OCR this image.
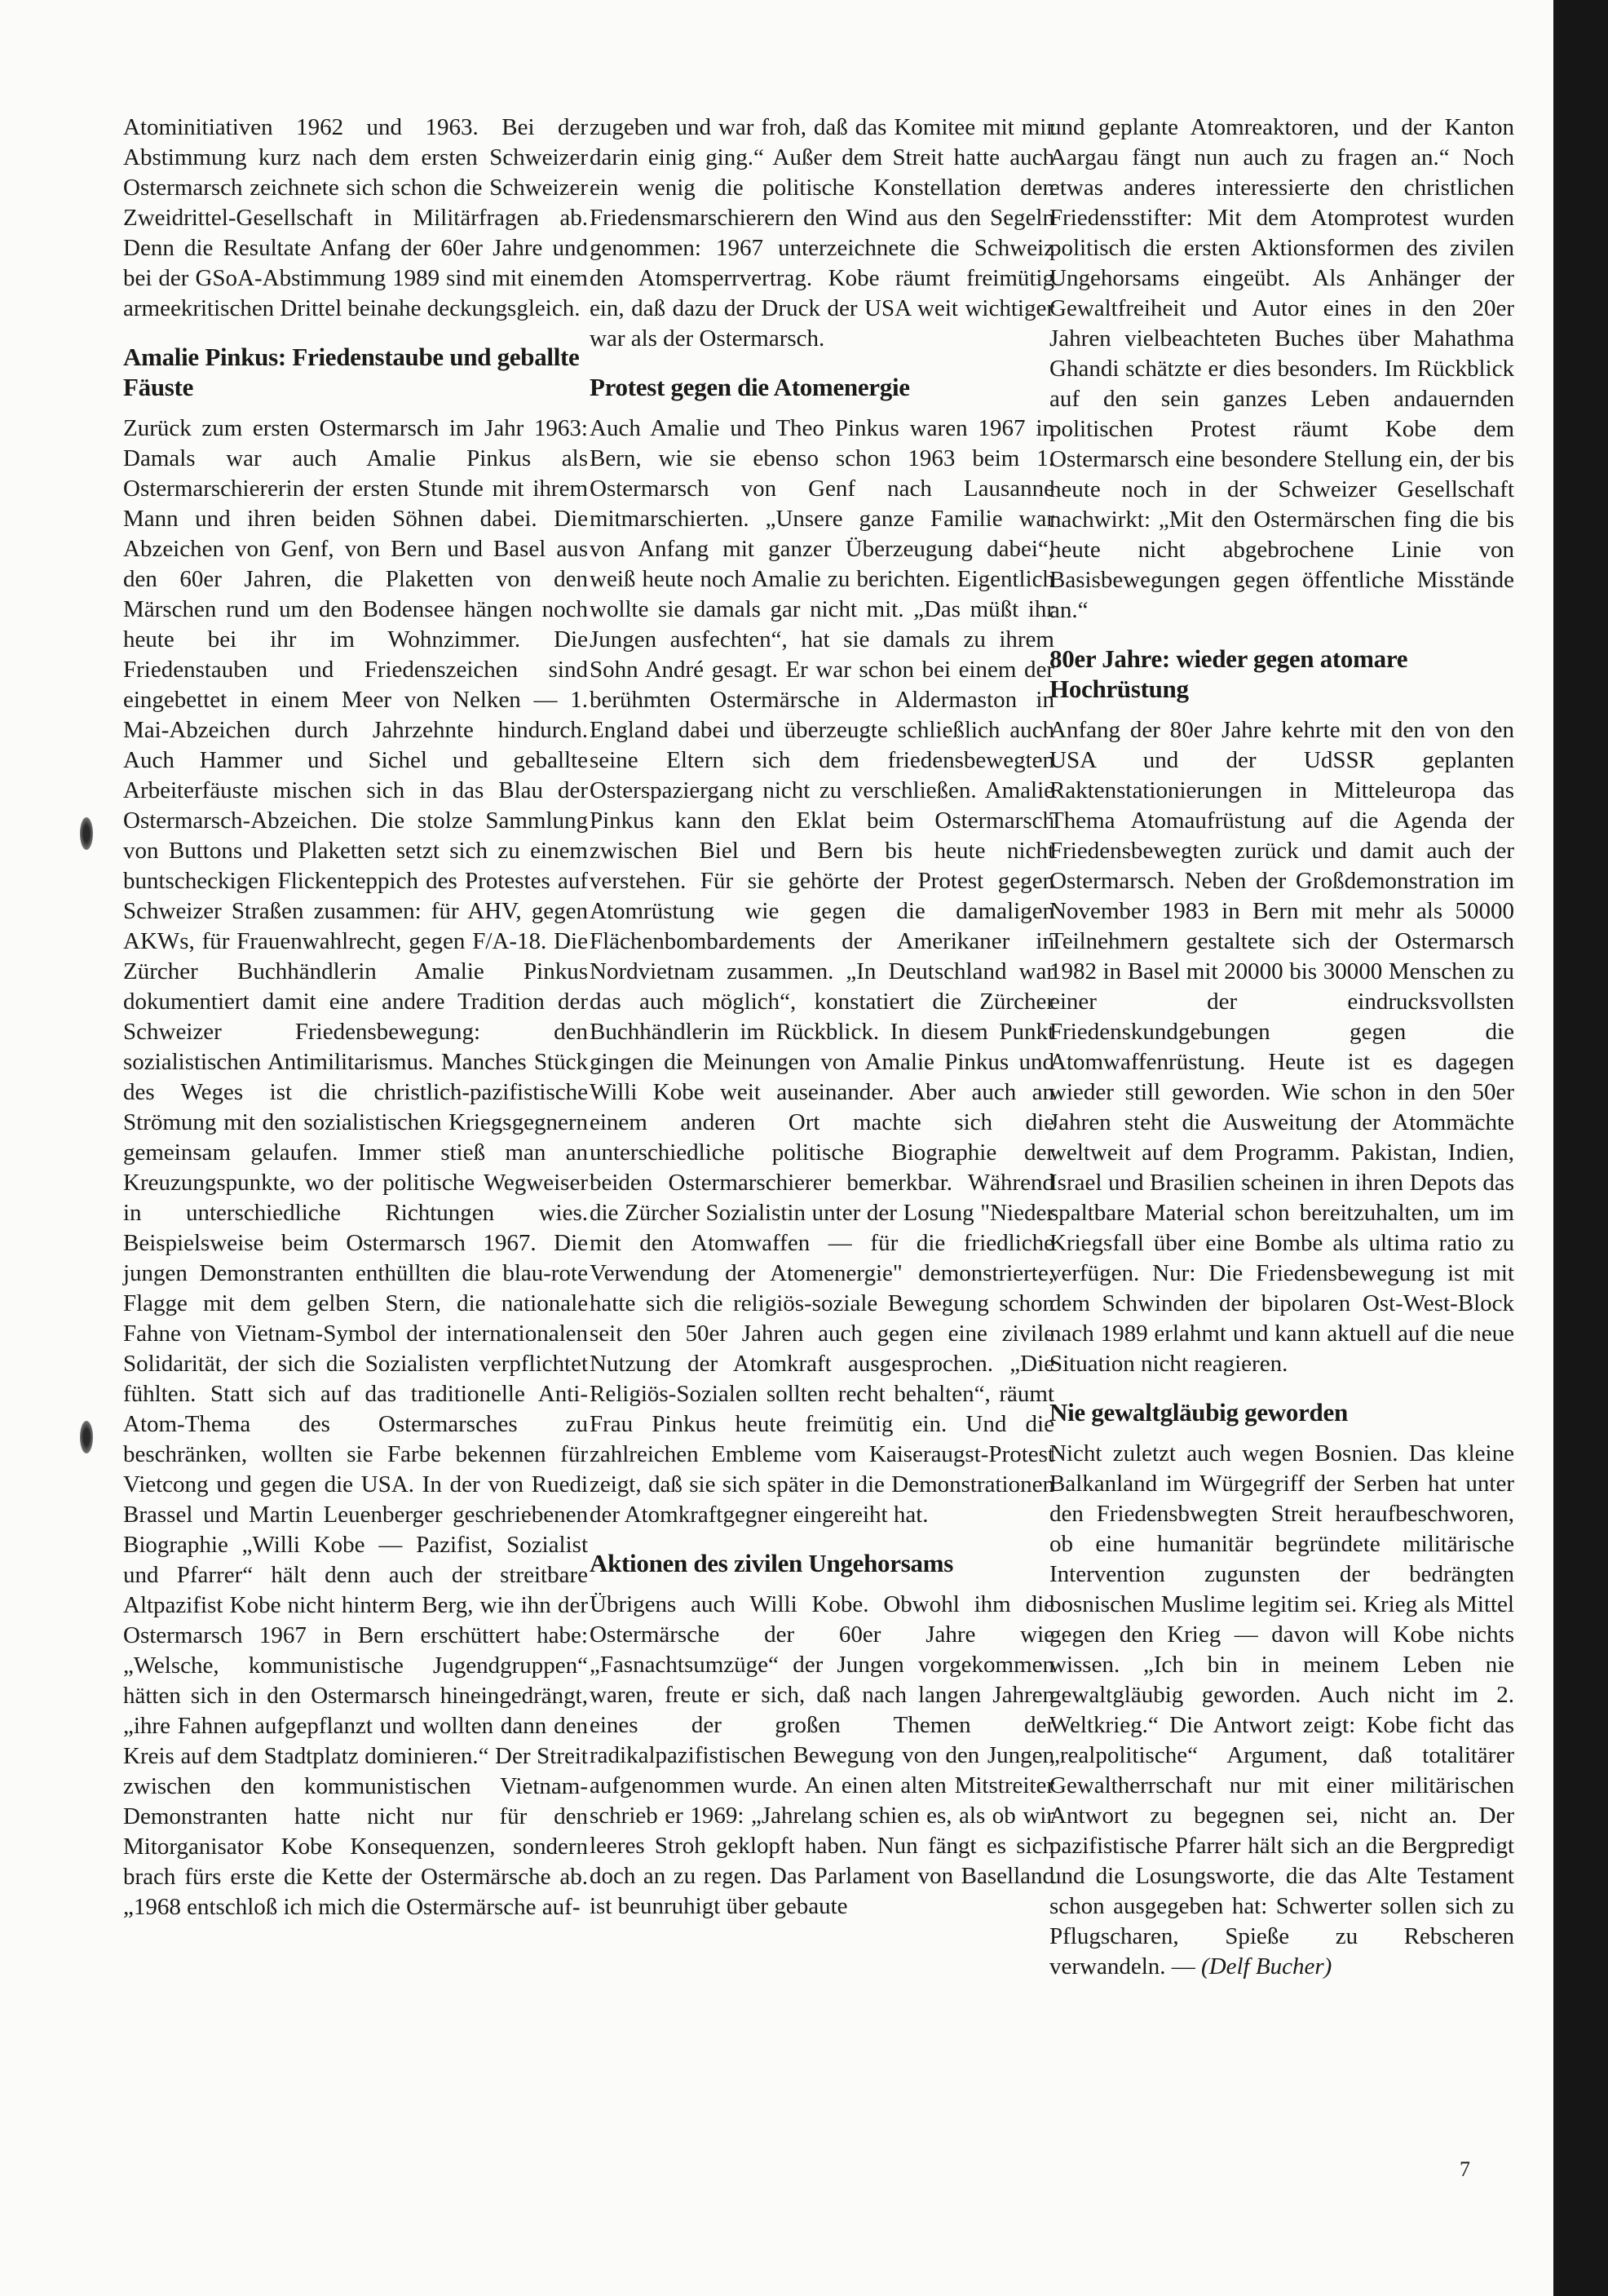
Atominitiativen 1962 und 1963. Bei der Abstimmung kurz nach dem ersten Schweizer Ostermarsch zeichnete sich schon die Schweizer Zweidrittel-Gesellschaft in Militärfragen ab. Denn die Resultate Anfang der 60er Jahre und bei der GSoA-Abstimmung 1989 sind mit einem armeekritischen Drittel beinahe deckungsgleich.

Amalie Pinkus: Friedenstaube und geballte Fäuste

Zurück zum ersten Ostermarsch im Jahr 1963: Damals war auch Amalie Pinkus als Ostermarschiererin der ersten Stunde mit ihrem Mann und ihren beiden Söhnen dabei. Die Abzeichen von Genf, von Bern und Basel aus den 60er Jahren, die Plaketten von den Märschen rund um den Bodensee hängen noch heute bei ihr im Wohnzimmer. Die Friedenstauben und Friedenszeichen sind eingebettet in einem Meer von Nelken — 1. Mai-Abzeichen durch Jahrzehnte hindurch. Auch Hammer und Sichel und geballte Arbeiterfäuste mischen sich in das Blau der Ostermarsch-Abzeichen. Die stolze Sammlung von Buttons und Plaketten setzt sich zu einem buntscheckigen Flickenteppich des Protestes auf Schweizer Straßen zusammen: für AHV, gegen AKWs, für Frauenwahlrecht, gegen F/A-18. Die Zürcher Buchhändlerin Amalie Pinkus dokumentiert damit eine andere Tradition der Schweizer Friedensbewegung: den sozialistischen Antimilitarismus. Manches Stück des Weges ist die christlich-pazifistische Strömung mit den sozialistischen Kriegsgegnern gemeinsam gelaufen. Immer stieß man an Kreuzungspunkte, wo der politische Wegweiser in unterschiedliche Richtungen wies. Beispielsweise beim Ostermarsch 1967. Die jungen Demonstranten enthüllten die blau-rote Flagge mit dem gelben Stern, die nationale Fahne von Vietnam-Symbol der internationalen Solidarität, der sich die Sozialisten verpflichtet fühlten. Statt sich auf das traditionelle Anti-Atom-Thema des Ostermarsches zu beschränken, wollten sie Farbe bekennen für Vietcong und gegen die USA. In der von Ruedi Brassel und Martin Leuenberger geschriebenen Biographie „Willi Kobe — Pazifist, Sozialist und Pfarrer“ hält denn auch der streitbare Altpazifist Kobe nicht hinterm Berg, wie ihn der Ostermarsch 1967 in Bern erschüttert habe: „Welsche, kommunistische Jugendgruppen“ hätten sich in den Ostermarsch hineingedrängt, „ihre Fahnen aufgepflanzt und wollten dann den Kreis auf dem Stadtplatz dominieren.“ Der Streit zwischen den kommunistischen Vietnam-Demonstranten hatte nicht nur für den Mitorganisator Kobe Konsequenzen, sondern brach fürs erste die Kette der Ostermärsche ab. „1968 entschloß ich mich die Ostermärsche auf-

zugeben und war froh, daß das Komitee mit mir darin einig ging.“ Außer dem Streit hatte auch ein wenig die politische Konstellation den Friedensmarschierern den Wind aus den Segeln genommen: 1967 unterzeichnete die Schweiz den Atomsperrvertrag. Kobe räumt freimütig ein, daß dazu der Druck der USA weit wichtiger war als der Ostermarsch.

Protest gegen die Atomenergie

Auch Amalie und Theo Pinkus waren 1967 in Bern, wie sie ebenso schon 1963 beim 1. Ostermarsch von Genf nach Lausanne mitmarschierten. „Unsere ganze Familie war von Anfang mit ganzer Überzeugung dabei“, weiß heute noch Amalie zu berichten. Eigentlich wollte sie damals gar nicht mit. „Das müßt ihr Jungen ausfechten“, hat sie damals zu ihrem Sohn André gesagt. Er war schon bei einem der berühmten Ostermärsche in Aldermaston in England dabei und überzeugte schließlich auch seine Eltern sich dem friedensbewegten Osterspaziergang nicht zu verschließen. Amalie Pinkus kann den Eklat beim Ostermarsch zwischen Biel und Bern bis heute nicht verstehen. Für sie gehörte der Protest gegen Atomrüstung wie gegen die damaligen Flächenbombardements der Amerikaner in Nordvietnam zusammen. „In Deutschland war das auch möglich“, konstatiert die Zürcher Buchhändlerin im Rückblick. In diesem Punkt gingen die Meinungen von Amalie Pinkus und Willi Kobe weit auseinander. Aber auch an einem anderen Ort machte sich die unterschiedliche politische Biographie der beiden Ostermarschierer bemerkbar. Während die Zürcher Sozialistin unter der Losung "Nieder mit den Atomwaffen — für die friedliche Verwendung der Atomenergie" demonstrierte, hatte sich die religiös-soziale Bewegung schon seit den 50er Jahren auch gegen eine zivile Nutzung der Atomkraft ausgesprochen. „Die Religiös-Sozialen sollten recht behalten“, räumt Frau Pinkus heute freimütig ein. Und die zahlreichen Embleme vom Kaiseraugst-Protest zeigt, daß sie sich später in die Demonstrationen der Atomkraftgegner eingereiht hat.

Aktionen des zivilen Ungehorsams

Übrigens auch Willi Kobe. Obwohl ihm die Ostermärsche der 60er Jahre wie „Fasnachtsumzüge“ der Jungen vorgekommen waren, freute er sich, daß nach langen Jahren eines der großen Themen der radikalpazifistischen Bewegung von den Jungen aufgenommen wurde. An einen alten Mitstreiter schrieb er 1969: „Jahrelang schien es, als ob wir leeres Stroh geklopft haben. Nun fängt es sich doch an zu regen. Das Parlament von Baselland ist beunruhigt über gebaute

und geplante Atomreaktoren, und der Kanton Aargau fängt nun auch zu fragen an.“ Noch etwas anderes interessierte den christlichen Friedensstifter: Mit dem Atomprotest wurden politisch die ersten Aktionsformen des zivilen Ungehorsams eingeübt. Als Anhänger der Gewaltfreiheit und Autor eines in den 20er Jahren vielbeachteten Buches über Mahathma Ghandi schätzte er dies besonders. Im Rückblick auf den sein ganzes Leben andauernden politischen Protest räumt Kobe dem Ostermarsch eine besondere Stellung ein, der bis heute noch in der Schweizer Gesellschaft nachwirkt: „Mit den Ostermärschen fing die bis heute nicht abgebrochene Linie von Basisbewegungen gegen öffentliche Misstände an.“

80er Jahre: wieder gegen atomare Hochrüstung

Anfang der 80er Jahre kehrte mit den von den USA und der UdSSR geplanten Raktenstationierungen in Mitteleuropa das Thema Atomaufrüstung auf die Agenda der Friedensbewegten zurück und damit auch der Ostermarsch. Neben der Großdemonstration im November 1983 in Bern mit mehr als 50000 Teilnehmern gestaltete sich der Ostermarsch 1982 in Basel mit 20000 bis 30000 Menschen zu einer der eindrucksvollsten Friedenskundgebungen gegen die Atomwaffenrüstung. Heute ist es dagegen wieder still geworden. Wie schon in den 50er Jahren steht die Ausweitung der Atommächte weltweit auf dem Programm. Pakistan, Indien, Israel und Brasilien scheinen in ihren Depots das spaltbare Material schon bereitzuhalten, um im Kriegsfall über eine Bombe als ultima ratio zu verfügen. Nur: Die Friedensbewegung ist mit dem Schwinden der bipolaren Ost-West-Block nach 1989 erlahmt und kann aktuell auf die neue Situation nicht reagieren.

Nie gewaltgläubig geworden

Nicht zuletzt auch wegen Bosnien. Das kleine Balkanland im Würgegriff der Serben hat unter den Friedensbwegten Streit heraufbeschworen, ob eine humanitär begründete militärische Intervention zugunsten der bedrängten bosnischen Muslime legitim sei. Krieg als Mittel gegen den Krieg — davon will Kobe nichts wissen. „Ich bin in meinem Leben nie gewaltgläubig geworden. Auch nicht im 2. Weltkrieg.“ Die Antwort zeigt: Kobe ficht das „realpolitische“ Argument, daß totalitärer Gewaltherrschaft nur mit einer militärischen Antwort zu begegnen sei, nicht an. Der pazifistische Pfarrer hält sich an die Bergpredigt und die Losungsworte, die das Alte Testament schon ausgegeben hat: Schwerter sollen sich zu Pflugscharen, Spieße zu Rebscheren verwandeln. — (Delf Bucher)

7
